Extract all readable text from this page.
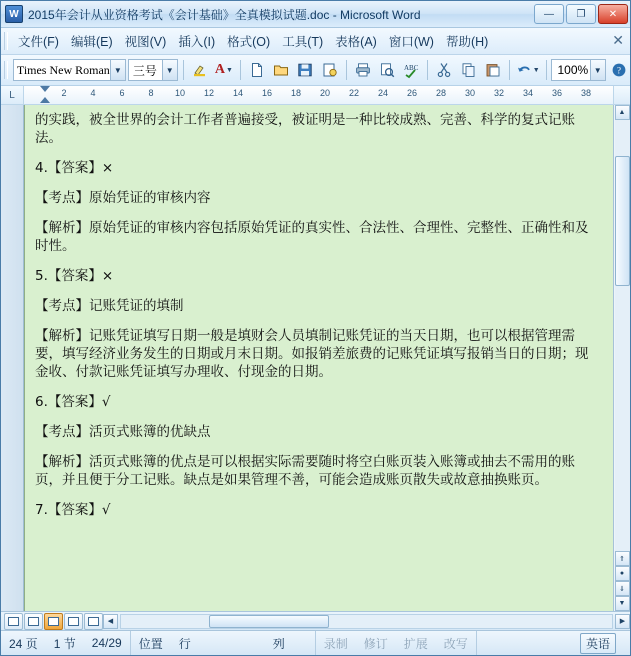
W 2015年会计从业资格考试《会计基础》全真模拟试题.doc - Microsoft Word	—	❐	✕
文件(F) 编辑(E) 视图(V) 插入(I) 格式(O) 工具(T) 表格(A) 窗口(W) 帮助(H)	✕
Times New Roman ▼ 三号	▼	A ▼	ABC	▼ 100% ▼	?
L	2	4	6	8 10 12 14 16 18 20 22 24 26 28 30 32 34 36 38

的实践，被全世界的会计工作者普遍接受，被证明是一种比较成熟、完善、科学的复式记账法。

4.【答案】×

【考点】原始凭证的审核内容

【解析】原始凭证的审核内容包括原始凭证的真实性、合法性、合理性、完整性、正确性和及时性。

5.【答案】×

【考点】记账凭证的填制

【解析】记账凭证填写日期一般是填财会人员填制记账凭证的当天日期，也可以根据管理需要，填写经济业务发生的日期或月末日期。如报销差旅费的记账凭证填写报销当日的日期；现金收、付款记账凭证填写办理收、付现金的日期。

6.【答案】√

【考点】活页式账簿的优缺点

【解析】活页式账簿的优点是可以根据实际需要随时将空白账页装入账簿或抽去不需用的账页，并且便于分工记账。缺点是如果管理不善，可能会造成账页散失或故意抽换账页。

7.【答案】√

▲
⇑
●
⇓
▼
◀	▶
24 页	1 节	24/29	位置	行	列	录制	修订	扩展	改写	英语
